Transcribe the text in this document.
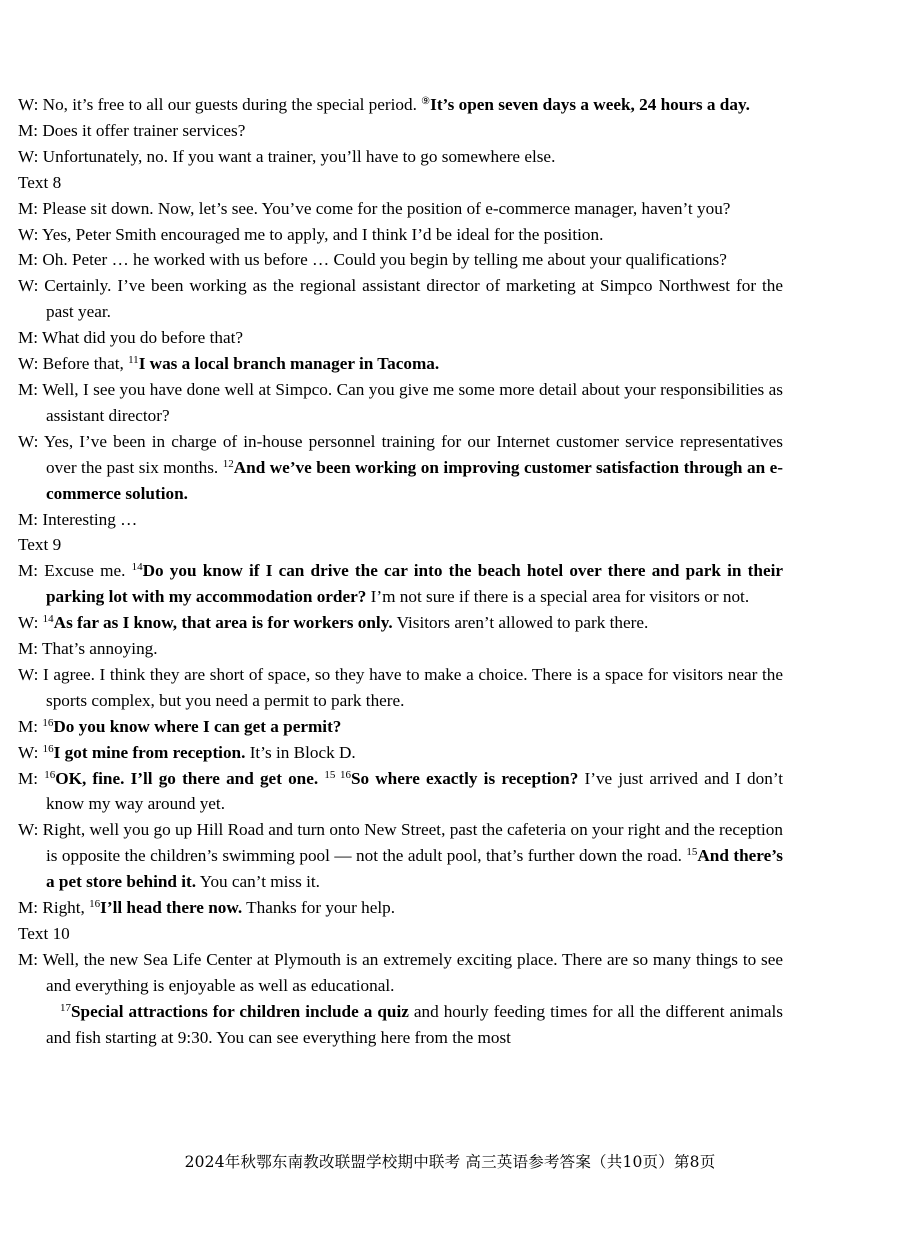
W: No, it’s free to all our guests during the special period. ⑨It’s open seven days a week, 24 hours a day.

M: Does it offer trainer services?

W: Unfortunately, no. If you want a trainer, you’ll have to go somewhere else.

Text 8

M: Please sit down. Now, let’s see. You’ve come for the position of e-commerce manager, haven’t you?

W: Yes, Peter Smith encouraged me to apply, and I think I’d be ideal for the position.

M: Oh. Peter … he worked with us before … Could you begin by telling me about your qualifications?

W: Certainly. I’ve been working as the regional assistant director of marketing at Simpco Northwest for the past year.

M: What did you do before that?

W: Before that, $^{11}$I was a local branch manager in Tacoma.

M: Well, I see you have done well at Simpco. Can you give me some more detail about your responsibilities as assistant director?

W: Yes, I’ve been in charge of in-house personnel training for our Internet customer service representatives over the past six months. $^{12}$And we’ve been working on improving customer satisfaction through an e-commerce solution.

M: Interesting …

Text 9

M: Excuse me. $^{14}$Do you know if I can drive the car into the beach hotel over there and park in their parking lot with my accommodation order? I’m not sure if there is a special area for visitors or not.

W: $^{14}$As far as I know, that area is for workers only. Visitors aren’t allowed to park there.

M: That’s annoying.

W: I agree. I think they are short of space, so they have to make a choice. There is a space for visitors near the sports complex, but you need a permit to park there.

M: $^{16}$Do you know where I can get a permit?

W: $^{16}$I got mine from reception. It’s in Block D.

M: $^{16}$OK, fine. I’ll go there and get one. $^{15 16}$So where exactly is reception? I’ve just arrived and I don’t know my way around yet.

W: Right, well you go up Hill Road and turn onto New Street, past the cafeteria on your right and the reception is opposite the children’s swimming pool — not the adult pool, that’s further down the road. $^{15}$And there’s a pet store behind it. You can’t miss it.

M: Right, $^{16}$I’ll head there now. Thanks for your help.

Text 10

M: Well, the new Sea Life Center at Plymouth is an extremely exciting place. There are so many things to see and everything is enjoyable as well as educational.

$^{17}$Special attractions for children include a quiz and hourly feeding times for all the different animals and fish starting at 9:30. You can see everything here from the most

2024年秋鄂东南教改联盟学校期中联考 高三英语参考答案（共10页）第8页
